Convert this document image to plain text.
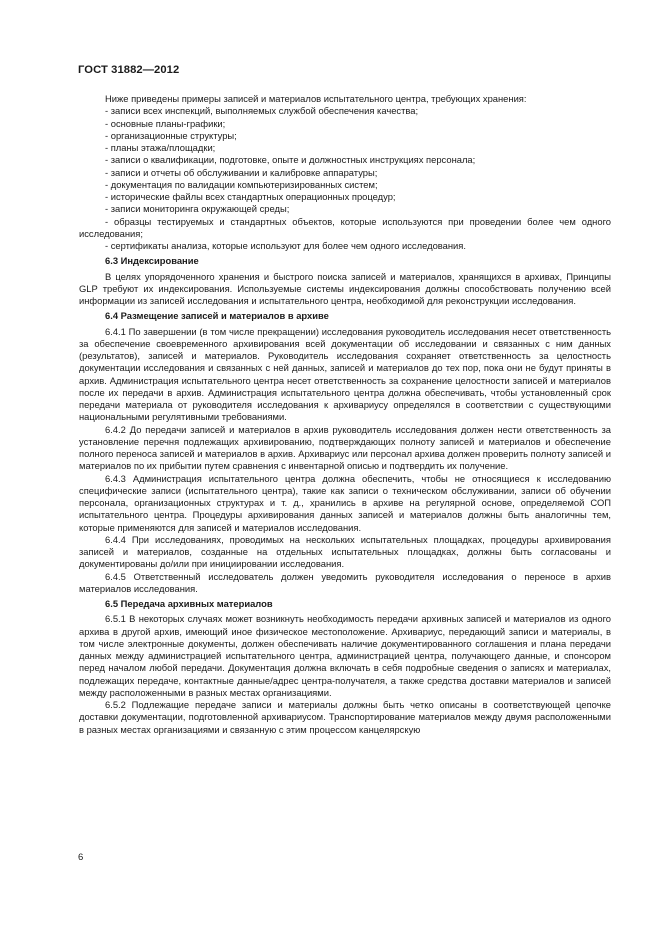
ГОСТ 31882—2012

Ниже приведены примеры записей и материалов испытательного центра, требующих хранения:

- записи всех инспекций, выполняемых службой обеспечения качества;

- основные планы-графики;

- организационные структуры;

- планы этажа/площадки;

- записи о квалификации, подготовке, опыте и должностных инструкциях персонала;

- записи и отчеты об обслуживании и калибровке аппаратуры;

- документация по валидации компьютеризированных систем;

- исторические файлы всех стандартных операционных процедур;

- записи мониторинга окружающей среды;

- образцы тестируемых и стандартных объектов, которые используются при проведении более чем одного исследования;

- сертификаты анализа, которые используют для более чем одного исследования.

6.3 Индексирование

В целях упорядоченного хранения и быстрого поиска записей и материалов, хранящихся в архивах, Принципы GLP требуют их индексирования. Используемые системы индексирования должны способствовать получению всей информации из записей исследования и испытательного центра, необходимой для реконструкции исследования.

6.4 Размещение записей и материалов в архиве

6.4.1 По завершении (в том числе прекращении) исследования руководитель исследования несет ответственность за обеспечение своевременного архивирования всей документации об исследовании и связанных с ним данных (результатов), записей и материалов. Руководитель исследования сохраняет ответственность за целостность документации исследования и связанных с ней данных, записей и материалов до тех пор, пока они не будут приняты в архив. Администрация испытательного центра несет ответственность за сохранение целостности записей и материалов после их передачи в архив. Администрация испытательного центра должна обеспечивать, чтобы установленный срок передачи материала от руководителя исследования к архивариусу определялся в соответствии с существующими национальными регулятивными требованиями.

6.4.2 До передачи записей и материалов в архив руководитель исследования должен нести ответственность за установление перечня подлежащих архивированию, подтверждающих полноту записей и материалов и обеспечение полного переноса записей и материалов в архив. Архивариус или персонал архива должен проверить полноту записей и материалов по их прибытии путем сравнения с инвентарной описью и подтвердить их получение.

6.4.3 Администрация испытательного центра должна обеспечить, чтобы не относящиеся к исследованию специфические записи (испытательного центра), такие как записи о техническом обслуживании, записи об обучении персонала, организационных структурах и т. д., хранились в архиве на регулярной основе, определяемой СОП испытательного центра. Процедуры архивирования данных записей и материалов должны быть аналогичны тем, которые применяются для записей и материалов исследования.

6.4.4 При исследованиях, проводимых на нескольких испытательных площадках, процедуры архивирования записей и материалов, созданные на отдельных испытательных площадках, должны быть согласованы и документированы до/или при инициировании исследования.

6.4.5 Ответственный исследователь должен уведомить руководителя исследования о переносе в архив материалов исследования.

6.5 Передача архивных материалов

6.5.1 В некоторых случаях может возникнуть необходимость передачи архивных записей и материалов из одного архива в другой архив, имеющий иное физическое местоположение. Архивариус, передающий записи и материалы, в том числе электронные документы, должен обеспечивать наличие документированного соглашения и плана передачи данных между администрацией испытательного центра, администрацией центра, получающего данные, и спонсором перед началом любой передачи. Документация должна включать в себя подробные сведения о записях и материалах, подлежащих передаче, контактные данные/адрес центра-получателя, а также средства доставки материалов и записей между расположенными в разных местах организациями.

6.5.2 Подлежащие передаче записи и материалы должны быть четко описаны в соответствующей цепочке доставки документации, подготовленной архивариусом. Транспортирование материалов между двумя расположенными в разных местах организациями и связанную с этим процессом канцелярскую

6
